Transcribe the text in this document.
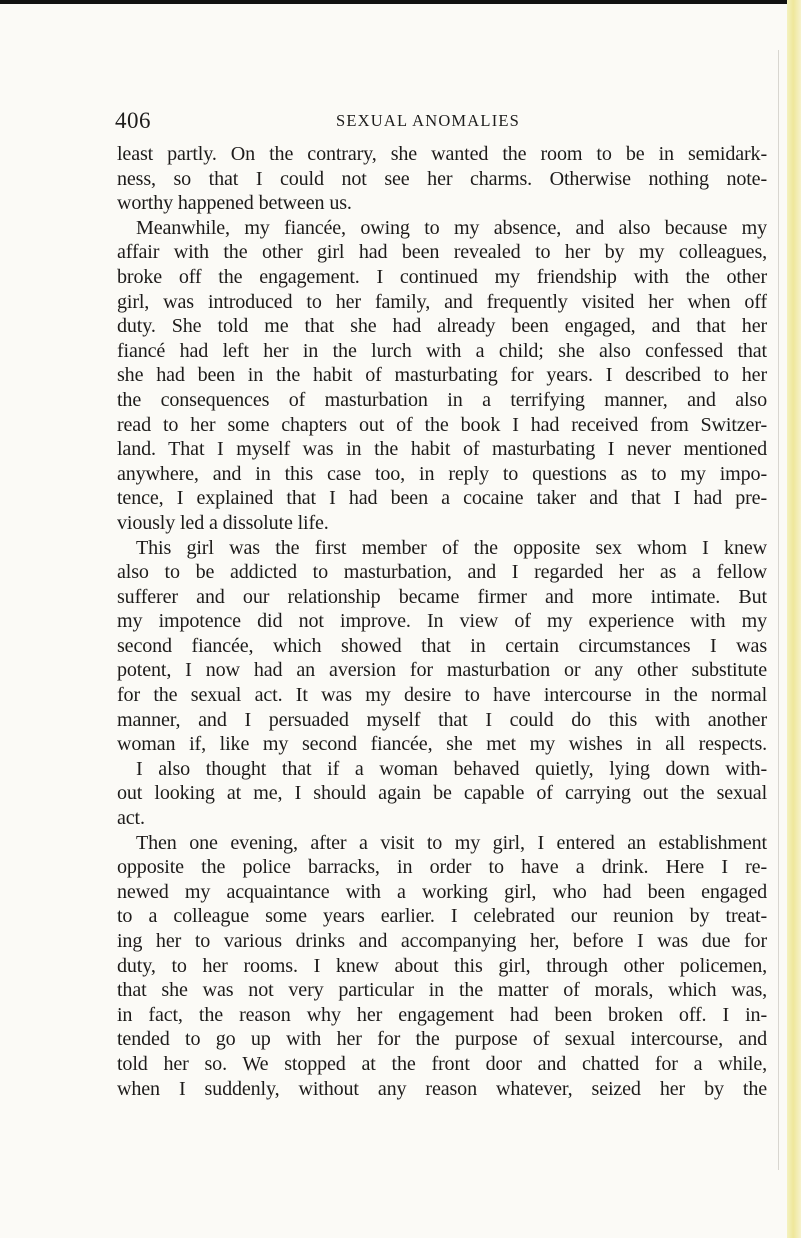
406	SEXUAL ANOMALIES
least partly. On the contrary, she wanted the room to be in semidark-
ness, so that I could not see her charms. Otherwise nothing note-
worthy happened between us.
Meanwhile, my fiancée, owing to my absence, and also because my
affair with the other girl had been revealed to her by my colleagues,
broke off the engagement. I continued my friendship with the other
girl, was introduced to her family, and frequently visited her when off
duty. She told me that she had already been engaged, and that her
fiancé had left her in the lurch with a child; she also confessed that
she had been in the habit of masturbating for years. I described to her
the consequences of masturbation in a terrifying manner, and also
read to her some chapters out of the book I had received from Switzer-
land. That I myself was in the habit of masturbating I never mentioned
anywhere, and in this case too, in reply to questions as to my impo-
tence, I explained that I had been a cocaine taker and that I had pre-
viously led a dissolute life.
This girl was the first member of the opposite sex whom I knew
also to be addicted to masturbation, and I regarded her as a fellow
sufferer and our relationship became firmer and more intimate. But
my impotence did not improve. In view of my experience with my
second fiancée, which showed that in certain circumstances I was
potent, I now had an aversion for masturbation or any other substitute
for the sexual act. It was my desire to have intercourse in the normal
manner, and I persuaded myself that I could do this with another
woman if, like my second fiancée, she met my wishes in all respects.
I also thought that if a woman behaved quietly, lying down with-
out looking at me, I should again be capable of carrying out the sexual
act.
Then one evening, after a visit to my girl, I entered an establishment
opposite the police barracks, in order to have a drink. Here I re-
newed my acquaintance with a working girl, who had been engaged
to a colleague some years earlier. I celebrated our reunion by treat-
ing her to various drinks and accompanying her, before I was due for
duty, to her rooms. I knew about this girl, through other policemen,
that she was not very particular in the matter of morals, which was,
in fact, the reason why her engagement had been broken off. I in-
tended to go up with her for the purpose of sexual intercourse, and
told her so. We stopped at the front door and chatted for a while,
when I suddenly, without any reason whatever, seized her by the
